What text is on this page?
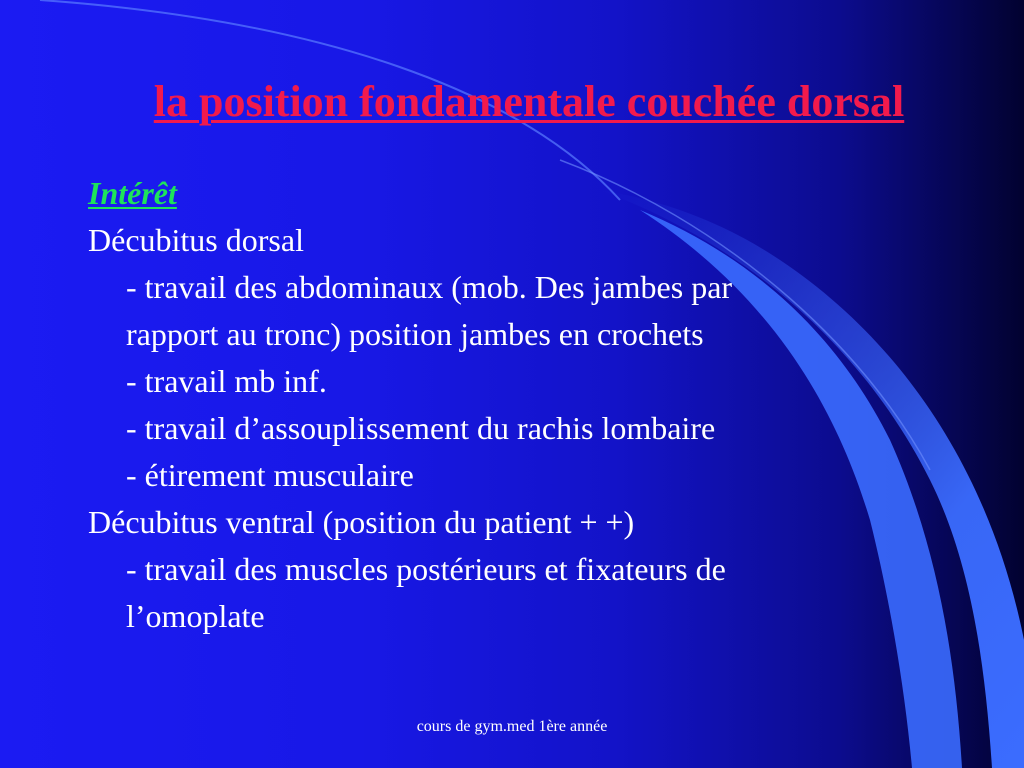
la position fondamentale couchée dorsal
Intérêt
Décubitus dorsal
- travail des abdominaux (mob. Des jambes par
rapport au tronc) position jambes en crochets
- travail mb inf.
- travail d’assouplissement du rachis lombaire
- étirement musculaire
Décubitus ventral (position du patient + +)
- travail des muscles postérieurs et fixateurs de
l’omoplate
cours de gym.med 1ère année
